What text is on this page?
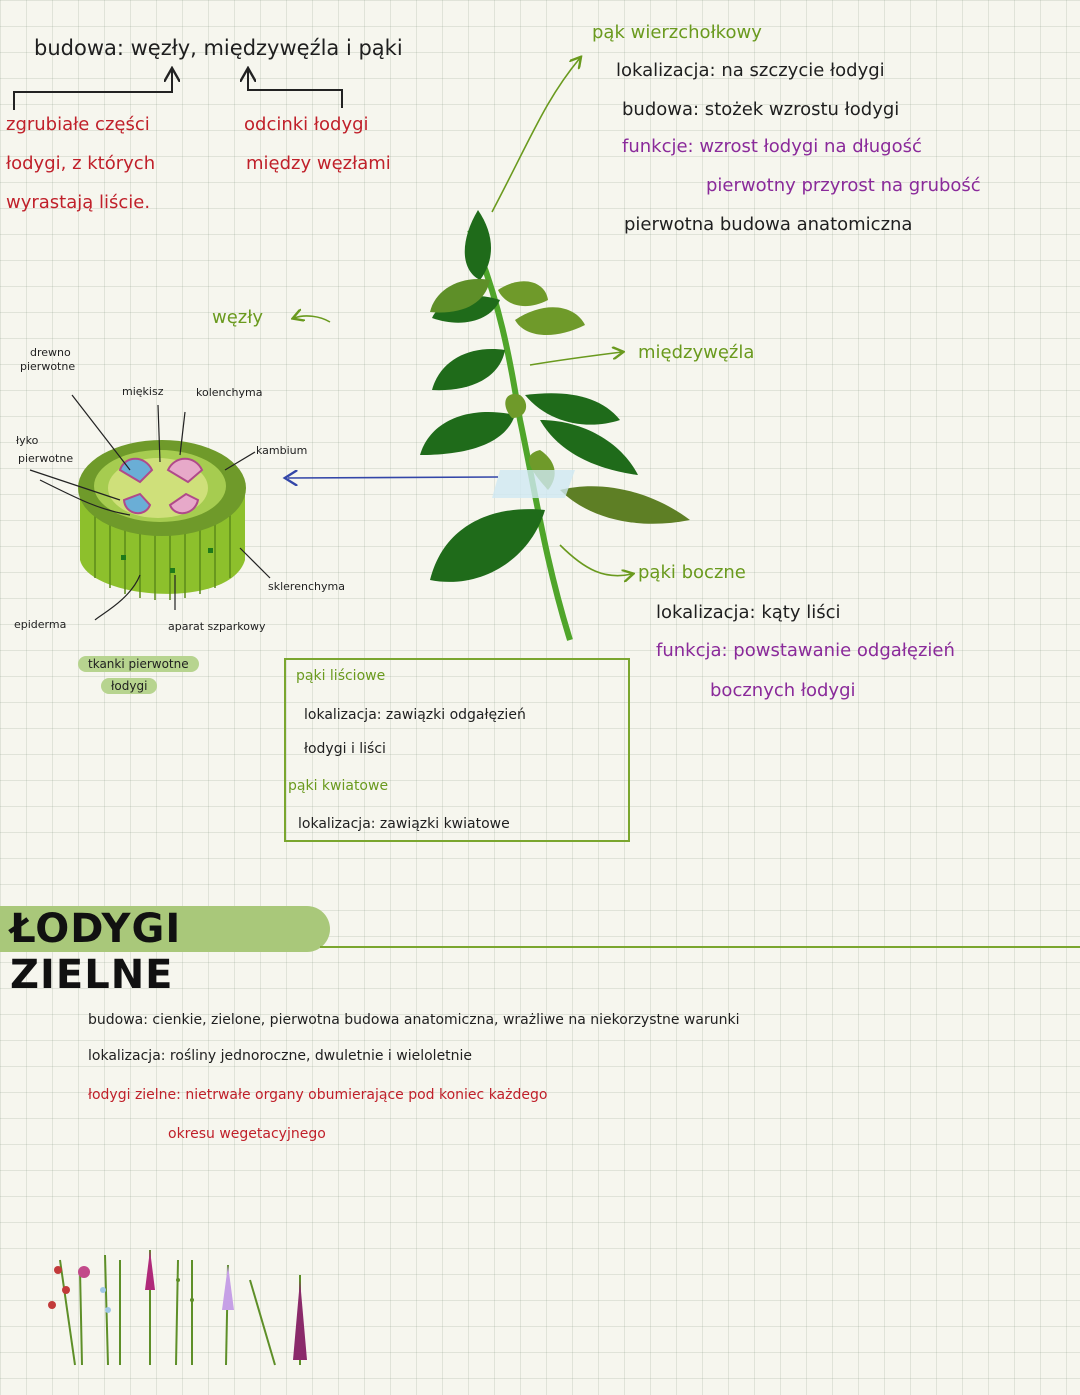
budowa: węzły, międzywęźla i pąki
zgrubiałe części
łodygi, z których
wyrastają liście.
odcinki łodygi
między węzłami
pąk wierzchołkowy
lokalizacja: na szczycie łodygi
budowa: stożek wzrostu łodygi
funkcje: wzrost łodygi na długość
pierwotny przyrost na grubość
pierwotna budowa anatomiczna
węzły
międzywęźla
pąki boczne
lokalizacja: kąty liści
funkcja: powstawanie odgałęzień
bocznych łodygi
drewno
pierwotne
miękisz	kolenchyma
łyko
pierwotne
kambium
sklerenchyma
epiderma	aparat szparkowy
tkanki pierwotne
łodygi
pąki liściowe
lokalizacja: zawiązki odgałęzień
łodygi i liści
pąki kwiatowe
lokalizacja: zawiązki kwiatowe
ŁODYGI ZIELNE
budowa: cienkie, zielone, pierwotna budowa anatomiczna, wrażliwe na niekorzystne warunki
lokalizacja: rośliny jednoroczne, dwuletnie i wieloletnie
łodygi zielne: nietrwałe organy obumierające pod koniec każdego
okresu wegetacyjnego
